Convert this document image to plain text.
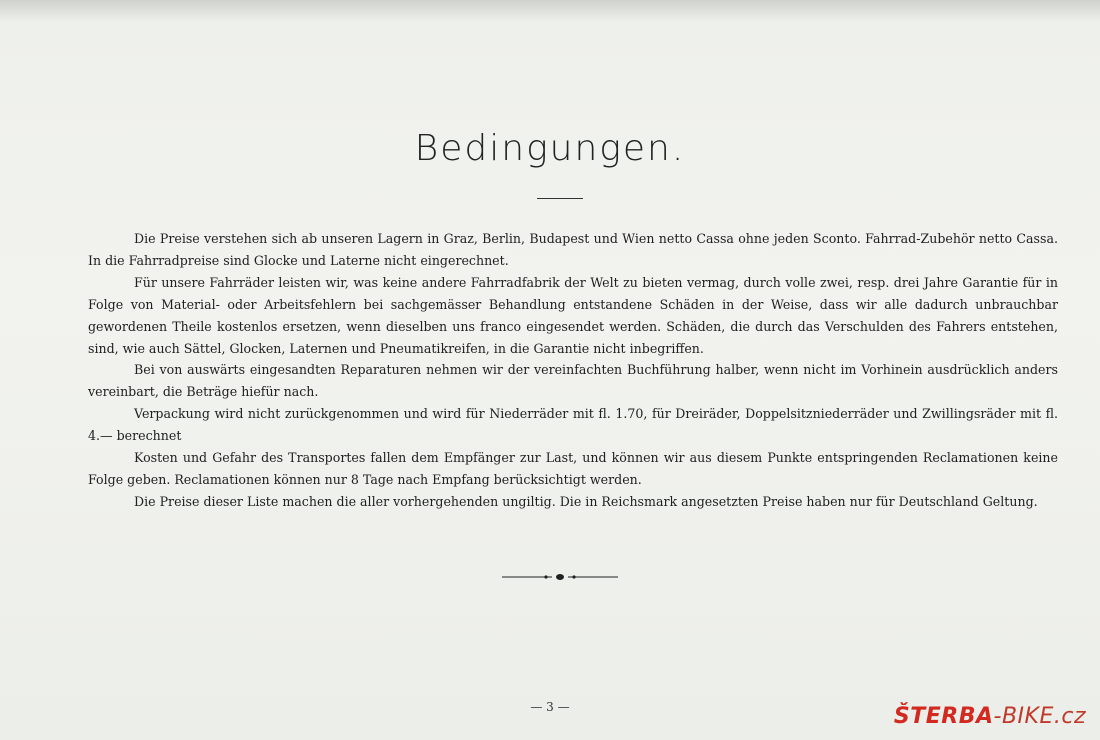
Bedingungen.

Die Preise verstehen sich ab unseren Lagern in Graz, Berlin, Budapest und Wien netto Cassa ohne jeden Sconto. Fahrrad-Zubehör netto Cassa. In die Fahrradpreise sind Glocke und Laterne nicht eingerechnet.

Für unsere Fahrräder leisten wir, was keine andere Fahrradfabrik der Welt zu bieten vermag, durch volle zwei, resp. drei Jahre Garantie für in Folge von Material- oder Arbeitsfehlern bei sachgemässer Behandlung entstandene Schäden in der Weise, dass wir alle dadurch unbrauchbar gewordenen Theile kostenlos ersetzen, wenn dieselben uns franco eingesendet werden. Schäden, die durch das Verschulden des Fahrers entstehen, sind, wie auch Sättel, Glocken, Laternen und Pneumatikreifen, in die Garantie nicht inbegriffen.

Bei von auswärts eingesandten Reparaturen nehmen wir der vereinfachten Buchführung halber, wenn nicht im Vorhinein ausdrücklich anders vereinbart, die Beträge hiefür nach.

Verpackung wird nicht zurückgenommen und wird für Niederräder mit fl. 1.70, für Dreiräder, Doppelsitzniederräder und Zwillingsräder mit fl. 4.— berechnet

Kosten und Gefahr des Transportes fallen dem Empfänger zur Last, und können wir aus diesem Punkte entspringenden Reclamationen keine Folge geben. Reclamationen können nur 8 Tage nach Empfang berücksichtigt werden.

Die Preise dieser Liste machen die aller vorhergehenden ungiltig. Die in Reichsmark angesetzten Preise haben nur für Deutschland Geltung.

— 3 —	ŠTERBA-BIKE.cz
